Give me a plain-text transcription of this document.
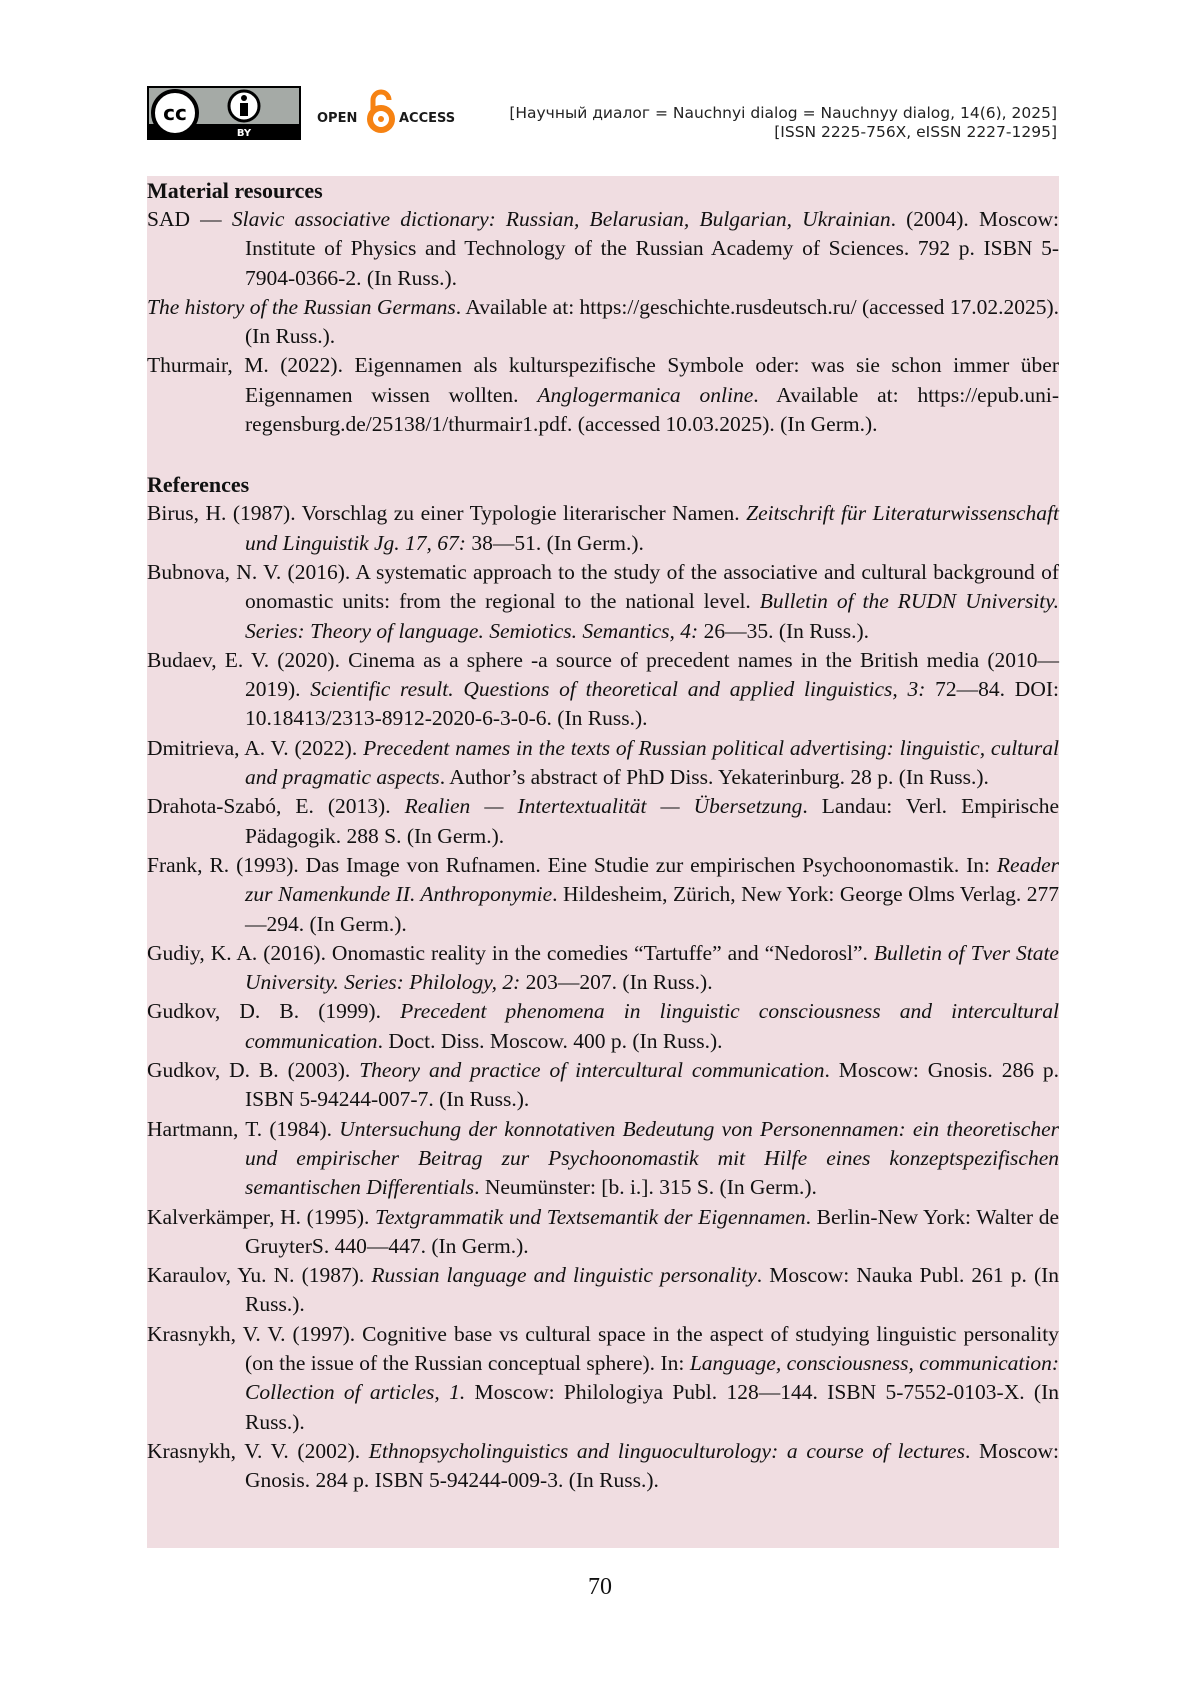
cc
BY
OPEN	ACCESS	[Научный диалог = Nauchnyi dialog = Nauchnyy dialog, 14(6), 2025]
[ISSN 2225-756X, eISSN 2227-1295]
Material resources

SAD — Slavic associative dictionary: Russian, Belarusian, Bulgarian, Ukrainian. (2004). Moscow: Institute of Physics and Technology of the Russian Academy of Sciences. 792 p. ISBN 5-7904-0366-2. (In Russ.).

The history of the Russian Germans. Available at: https://geschichte.rusdeutsch.ru/ (accessed 17.02.2025). (In Russ.).

Thurmair, M. (2022). Eigennamen als kulturspezifische Symbole oder: was sie schon immer über Eigennamen wissen wollten. Anglogermanica online. Available at: https://epub.uni-regensburg.de/25138/1/thurmair1.pdf. (accessed 10.03.2025). (In Germ.).

References

Birus, H. (1987). Vorschlag zu einer Typologie literarischer Namen. Zeitschrift für Literaturwissenschaft und Linguistik Jg. 17, 67: 38—51. (In Germ.).

Bubnova, N. V. (2016). A systematic approach to the study of the associative and cultural background of onomastic units: from the regional to the national level. Bulletin of the RUDN University. Series: Theory of language. Semiotics. Semantics, 4: 26—35. (In Russ.).

Budaev, E. V. (2020). Cinema as a sphere -a source of precedent names in the British media (2010—2019). Scientific result. Questions of theoretical and applied linguistics, 3: 72—84. DOI: 10.18413/2313-8912-2020-6-3-0-6. (In Russ.).

Dmitrieva, A. V. (2022). Precedent names in the texts of Russian political advertising: linguistic, cultural and pragmatic aspects. Author’s abstract of PhD Diss. Yekaterinburg. 28 p. (In Russ.).

Drahota-Szabó, E. (2013). Realien — Intertextualität — Übersetzung. Landau: Verl. Empirische Pädagogik. 288 S. (In Germ.).

Frank, R. (1993). Das Image von Rufnamen. Eine Studie zur empirischen Psychoonomastik. In: Reader zur Namenkunde II. Anthroponymie. Hildesheim, Zürich, New York: George Olms Verlag. 277—294. (In Germ.).

Gudiy, K. A. (2016). Onomastic reality in the comedies “Tartuffe” and “Nedorosl”. Bulletin of Tver State University. Series: Philology, 2: 203—207. (In Russ.).

Gudkov, D. B. (1999). Precedent phenomena in linguistic consciousness and intercultural communication. Doct. Diss. Moscow. 400 p. (In Russ.).

Gudkov, D. B. (2003). Theory and practice of intercultural communication. Moscow: Gnosis. 286 p. ISBN 5-94244-007-7. (In Russ.).

Hartmann, T. (1984). Untersuchung der konnotativen Bedeutung von Personennamen: ein theoretischer und empirischer Beitrag zur Psychoonomastik mit Hilfe eines konzeptspezifischen semantischen Differentials. Neumünster: [b. i.]. 315 S. (In Germ.).

Kalverkämper, H. (1995). Textgrammatik und Textsemantik der Eigennamen. Berlin-New York: Walter de GruyterS. 440—447. (In Germ.).

Karaulov, Yu. N. (1987). Russian language and linguistic personality. Moscow: Nauka Publ. 261 p. (In Russ.).

Krasnykh, V. V. (1997). Cognitive base vs cultural space in the aspect of studying linguistic personality (on the issue of the Russian conceptual sphere). In: Language, consciousness, communication: Collection of articles, 1. Moscow: Philologiya Publ. 128—144. ISBN 5-7552-0103-X. (In Russ.).

Krasnykh, V. V. (2002). Ethnopsycholinguistics and linguoculturology: a course of lectures. Moscow: Gnosis. 284 p. ISBN 5-94244-009-3. (In Russ.).

70
